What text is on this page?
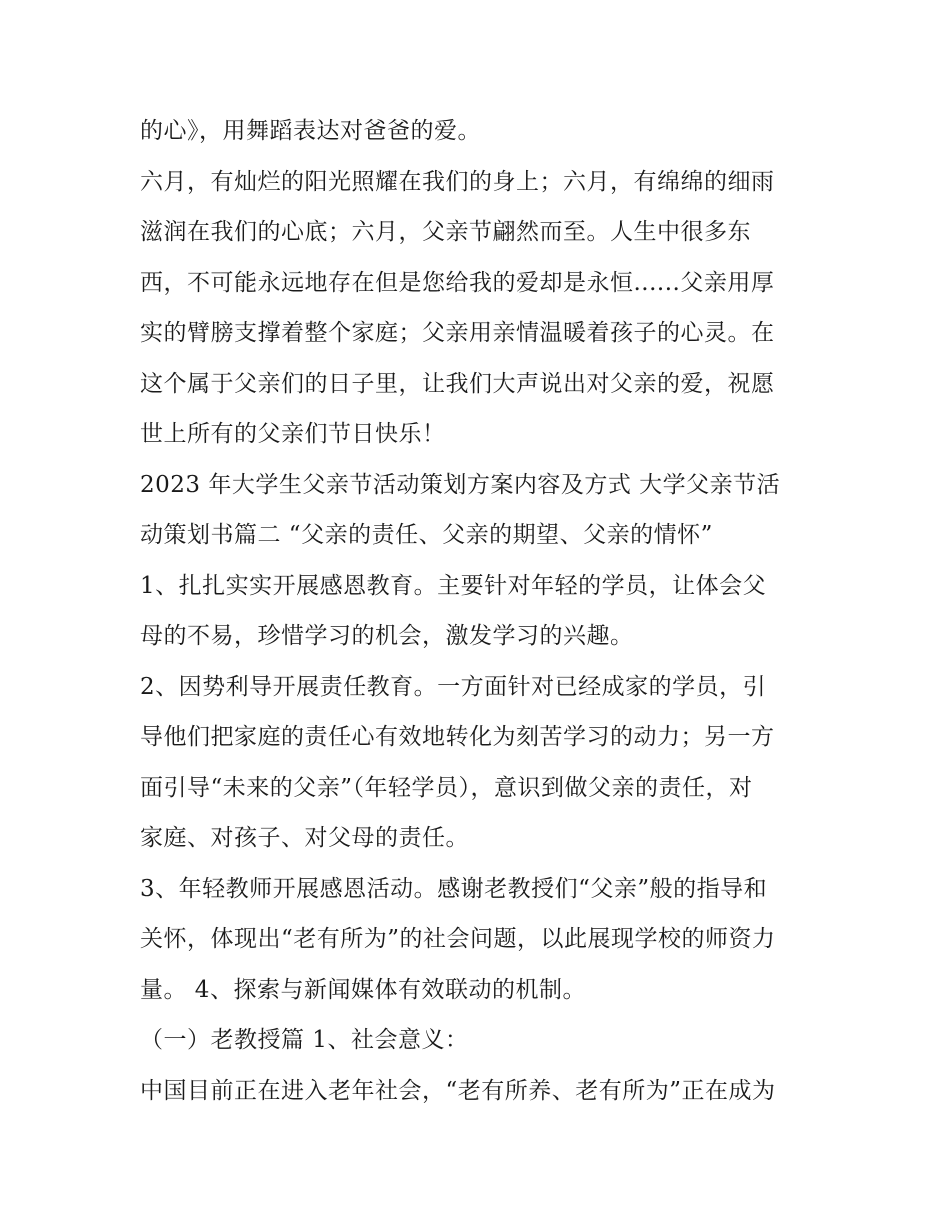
的心》，用舞蹈表达对爸爸的爱。
六月，有灿烂的阳光照耀在我们的身上；六月，有绵绵的细雨
滋润在我们的心底；六月，父亲节翩然而至。人生中很多东
西，不可能永远地存在但是您给我的爱却是永恒......父亲用厚
实的臂膀支撑着整个家庭；父亲用亲情温暖着孩子的心灵。在
这个属于父亲们的日子里，让我们大声说出对父亲的爱，祝愿
世上所有的父亲们节日快乐！
2023 年大学生父亲节活动策划方案内容及方式 大学父亲节活
动策划书篇二 “父亲的责任、父亲的期望、父亲的情怀”
1、扎扎实实开展感恩教育。主要针对年轻的学员，让体会父
母的不易，珍惜学习的机会，激发学习的兴趣。
2、因势利导开展责任教育。一方面针对已经成家的学员，引
导他们把家庭的责任心有效地转化为刻苦学习的动力；另一方
面引导“未来的父亲”（年轻学员），意识到做父亲的责任，对
家庭、对孩子、对父母的责任。
3、年轻教师开展感恩活动。感谢老教授们“父亲”般的指导和
关怀，体现出“老有所为”的社会问题，以此展现学校的师资力
量。 4、探索与新闻媒体有效联动的机制。
（一）老教授篇 1、社会意义：
中国目前正在进入老年社会，“老有所养、老有所为”正在成为
